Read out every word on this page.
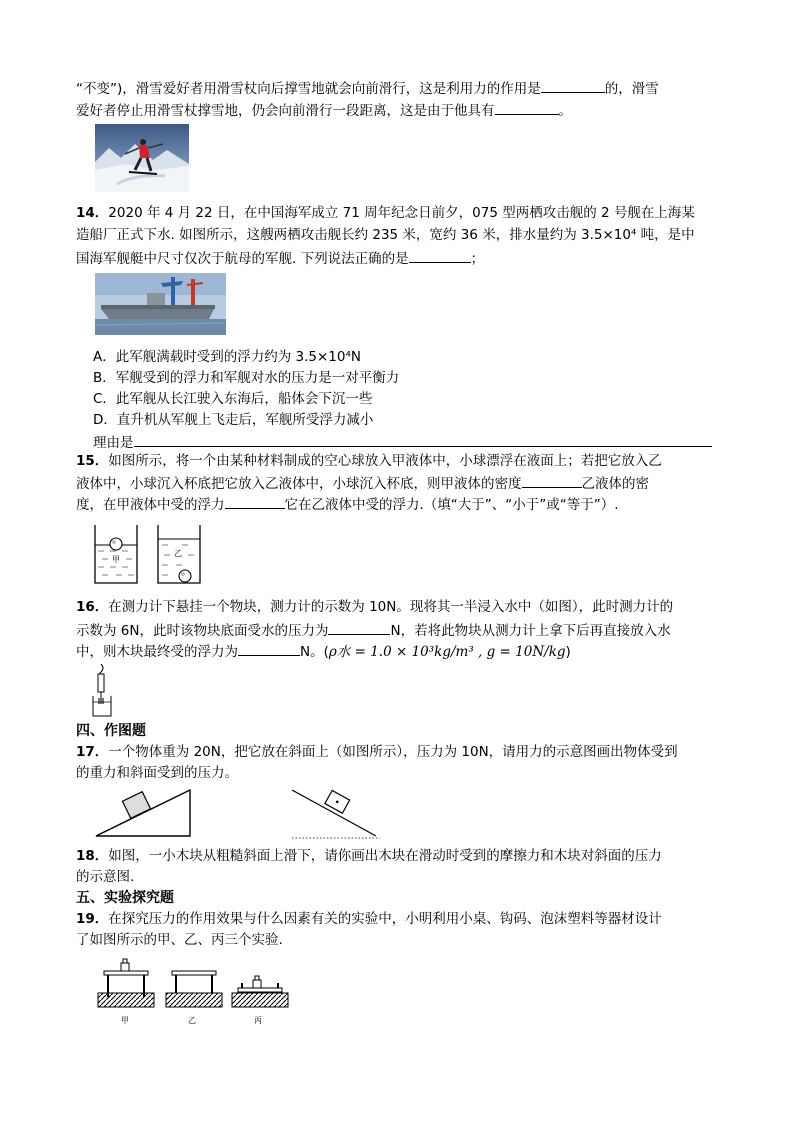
“不变”)，滑雪爱好者用滑雪杖向后撑雪地就会向前滑行，这是利用力的作用是	的，滑雪
爱好者停止用滑雪杖撑雪地，仍会向前滑行一段距离，这是由于他具有	。
14．2020 年 4 月 22 日，在中国海军成立 71 周年纪念日前夕，075 型两栖攻击舰的 2 号舰在上海某
造船厂正式下水. 如图所示，这艘两栖攻击舰长约 235 米，宽约 36 米，排水量约为 3.5×10⁴ 吨，是中
国海军舰艇中尺寸仅次于航母的军舰. 下列说法正确的是	；
A．此军舰满载时受到的浮力约为 3.5×10⁴N
B．军舰受到的浮力和军舰对水的压力是一对平衡力
C．此军舰从长江驶入东海后，船体会下沉一些
D．直升机从军舰上飞走后，军舰所受浮力减小
理由是
15．如图所示，将一个由某种材料制成的空心球放入甲液体中，小球漂浮在液面上；若把它放入乙
液体中，小球沉入杯底把它放入乙液体中，小球沉入杯底，则甲液体的密度	乙液体的密
度，在甲液体中受的浮力	它在乙液体中受的浮力.（填“大于”、“小于”或“等于”）.
甲
乙
16．在测力计下悬挂一个物块，测力计的示数为 10N。现将其一半浸入水中（如图），此时测力计的
示数为 6N，此时该物块底面受水的压力为	N，若将此物块从测力计上拿下后再直接放入水
中，则木块最终受的浮力为	N。(ρ水 = 1.0 × 10³kg/m³ , g = 10N/kg)
四、作图题
17．一个物体重为 20N，把它放在斜面上（如图所示），压力为 10N，请用力的示意图画出物体受到
的重力和斜面受到的压力。
18．如图，一小木块从粗糙斜面上滑下，请你画出木块在滑动时受到的摩擦力和木块对斜面的压力
的示意图.
五、实验探究题
19．在探究压力的作用效果与什么因素有关的实验中，小明利用小桌、钩码、泡沫塑料等器材设计
了如图所示的甲、乙、丙三个实验.
甲	乙	丙
